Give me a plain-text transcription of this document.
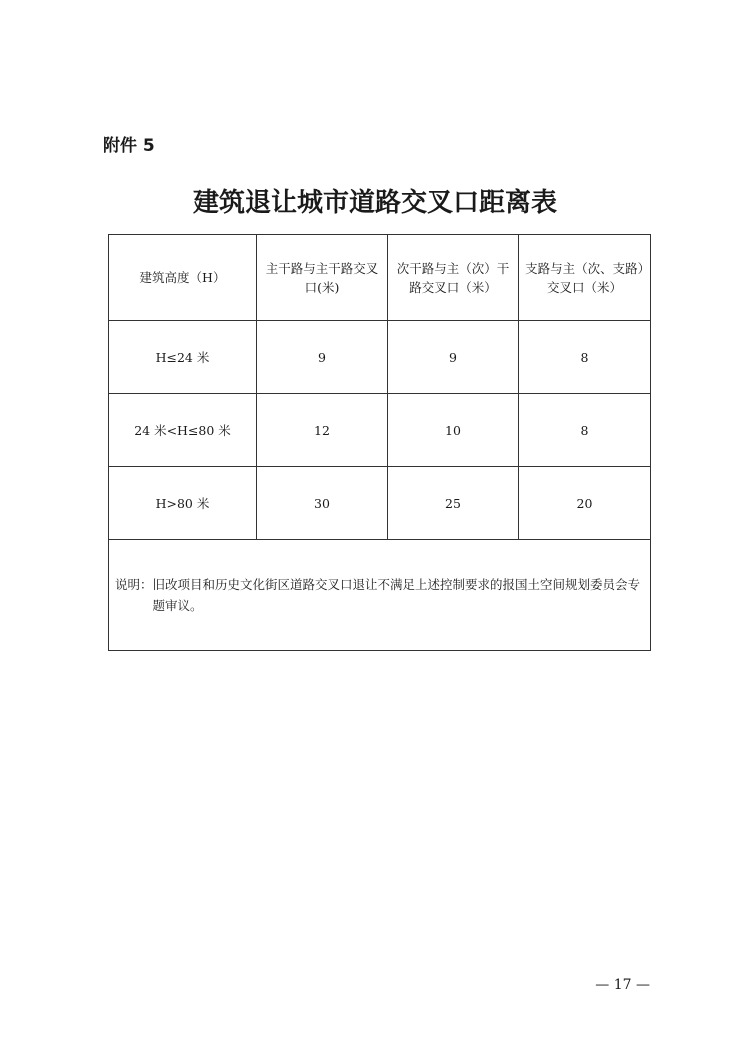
附件 5
建筑退让城市道路交叉口距离表
建筑高度（H）	主干路与主干路交叉口(米)	次干路与主（次）干路交叉口（米）	支路与主（次、支路）交叉口（米）
H≤24 米	9	9	8
24 米<H≤80 米	12	10	8
H>80 米	30	25	20

说明： 旧改项目和历史文化街区道路交叉口退让不满足上述控制要求的报国土空间规划委员会专题审议。			
— 17 —
